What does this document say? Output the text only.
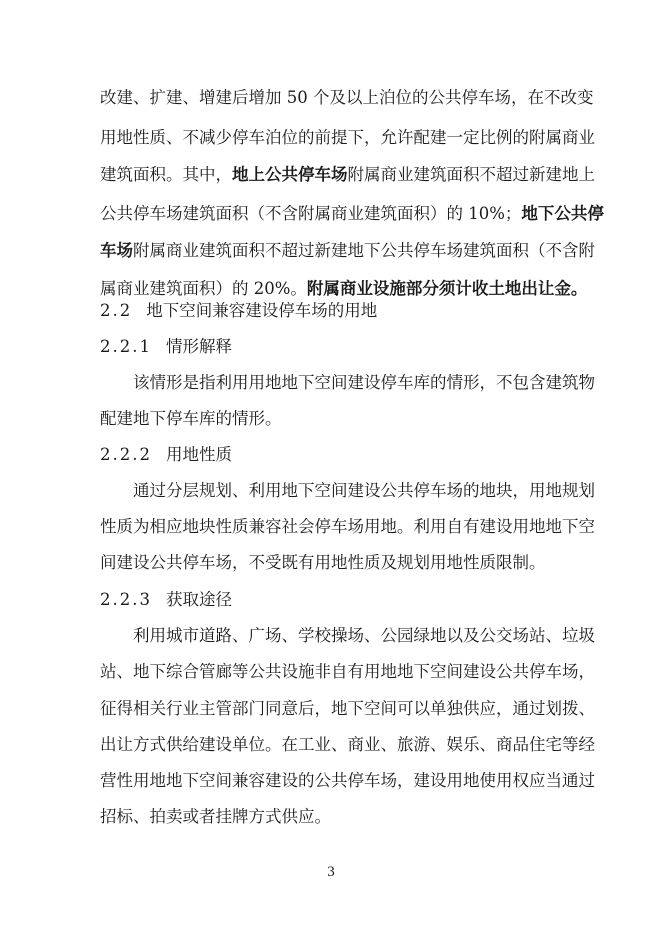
改建、扩建、增建后增加 50 个及以上泊位的公共停车场，在不改变
用地性质、不减少停车泊位的前提下，允许配建一定比例的附属商业
建筑面积。其中，地上公共停车场附属商业建筑面积不超过新建地上
公共停车场建筑面积（不含附属商业建筑面积）的 10%；地下公共停
车场附属商业建筑面积不超过新建地下公共停车场建筑面积（不含附
属商业建筑面积）的 20%。附属商业设施部分须计收土地出让金。
2.2 地下空间兼容建设停车场的用地
2.2.1 情形解释
该情形是指利用用地地下空间建设停车库的情形，不包含建筑物
配建地下停车库的情形。
2.2.2 用地性质
通过分层规划、利用地下空间建设公共停车场的地块，用地规划
性质为相应地块性质兼容社会停车场用地。利用自有建设用地地下空
间建设公共停车场，不受既有用地性质及规划用地性质限制。
2.2.3 获取途径
利用城市道路、广场、学校操场、公园绿地以及公交场站、垃圾
站、地下综合管廊等公共设施非自有用地地下空间建设公共停车场，
征得相关行业主管部门同意后，地下空间可以单独供应，通过划拨、
出让方式供给建设单位。在工业、商业、旅游、娱乐、商品住宅等经
营性用地地下空间兼容建设的公共停车场，建设用地使用权应当通过
招标、拍卖或者挂牌方式供应。
3
